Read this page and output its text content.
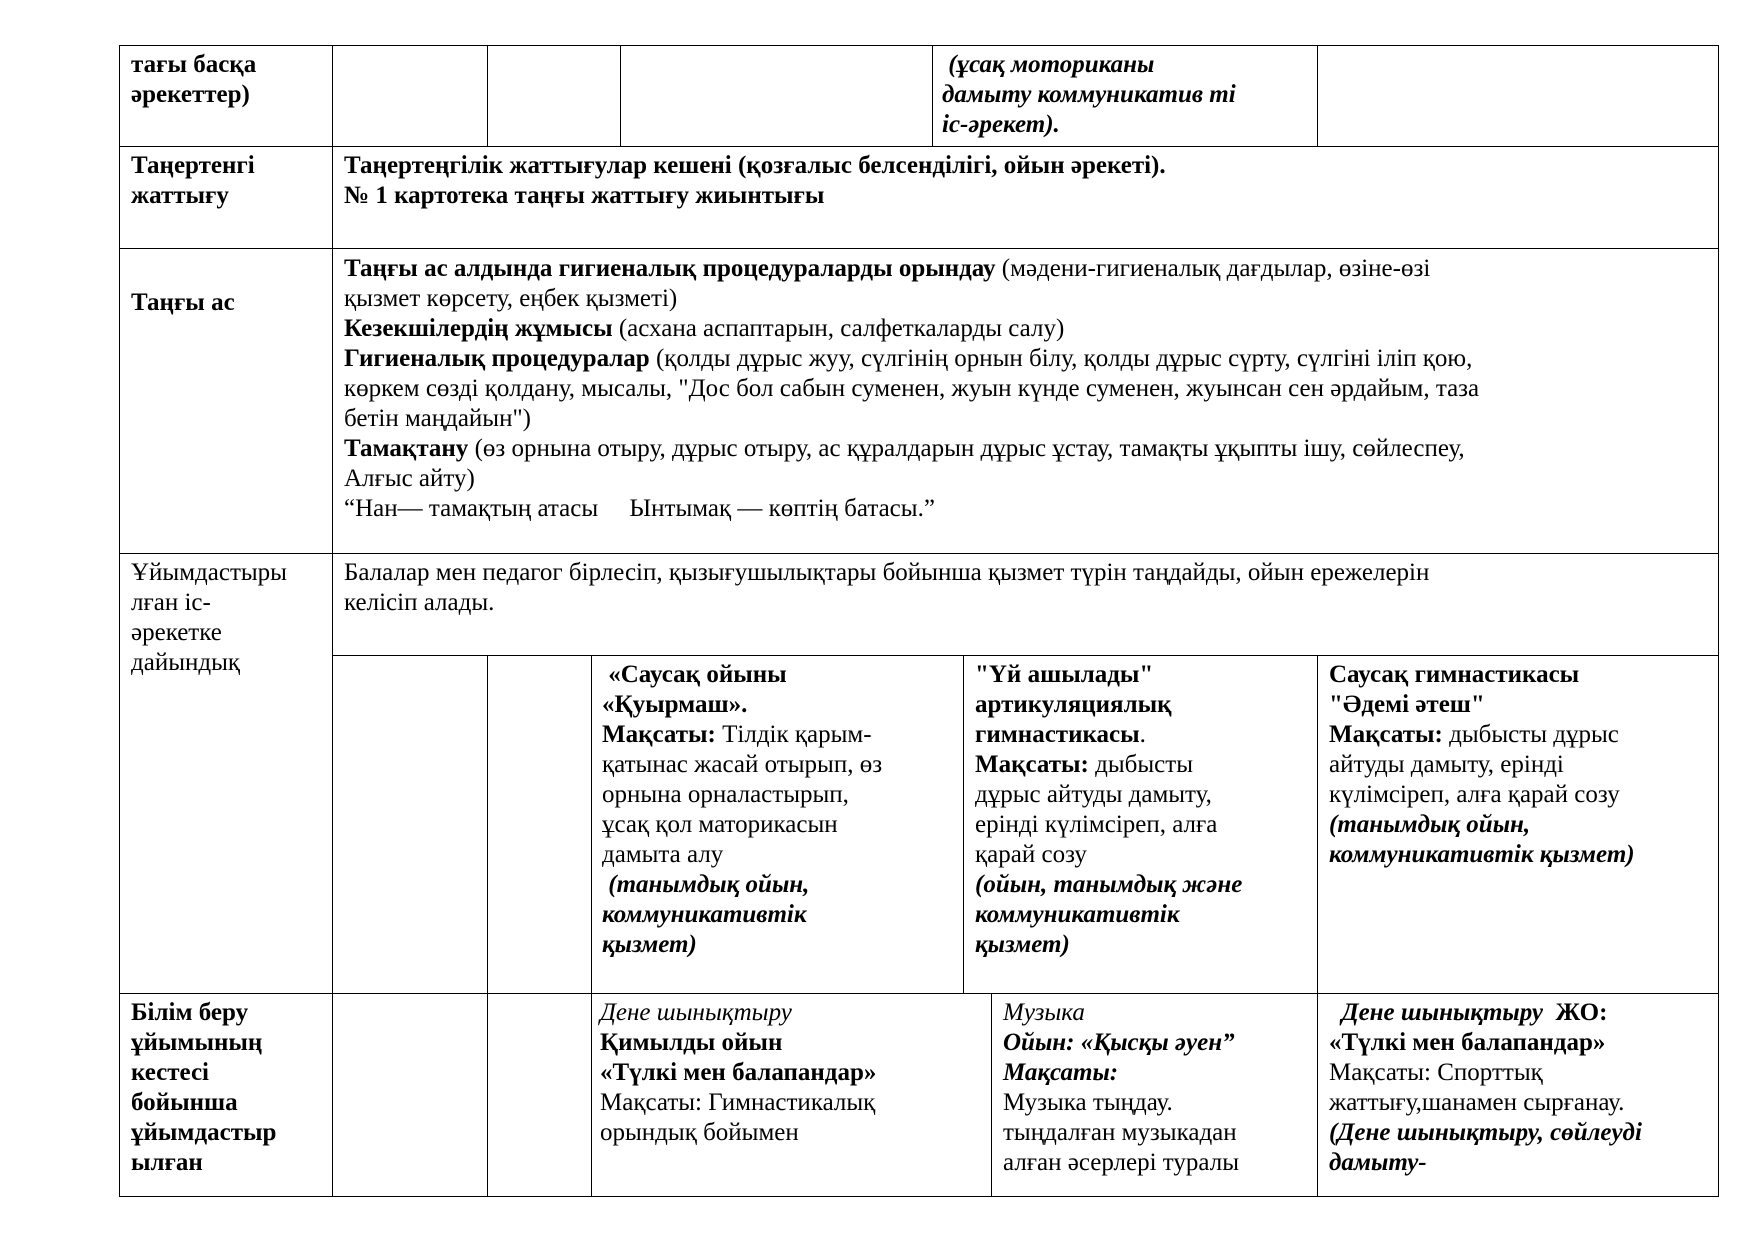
тағы басқа
әрекеттер)
(ұсақ моториканы
дамыту коммуникатив ті
іс-әрекет).
Таңертенгі
жаттығу
Таңертеңгілік жаттығулар кешені (қозғалыс белсенділігі, ойын әрекеті).
№ 1 картотека таңғы жаттығу жиынтығы
Таңғы ас
Таңғы ас алдында гигиеналық процедураларды орындау (мәдени-гигиеналық дағдылар, өзіне-өзі
қызмет көрсету, еңбек қызметі)
Кезекшілердің жұмысы (асхана аспаптарын, салфеткаларды салу)
Гигиеналық процедуралар (қолды дұрыс жуу, сүлгінің орнын білу, қолды дұрыс сүрту, сүлгіні іліп қою,
көркем сөзді қолдану, мысалы, "Дос бол сабын суменен, жуын күнде суменен, жуынсан сен әрдайым, таза
бетін маңдайын")
Тамақтану (өз орнына отыру, дұрыс отыру, ас құралдарын дұрыс ұстау, тамақты ұқыпты ішу, сөйлеспеу,
Алғыс айту)
“Нан— тамақтың атасы     Ынтымақ — көптің батасы.”
Ұйымдастыры
лған іс-
әрекетке
дайындық
Балалар мен педагог бірлесіп, қызығушылықтары бойынша қызмет түрін таңдайды, ойын ережелерін
келісіп алады.
«Саусақ ойыны
«Қуырмаш».
Мақсаты: Тілдік қарым-
қатынас жасай отырып, өз
орнына орналастырып,
ұсақ қол маторикасын
дамыта алу
(танымдық ойын,
коммуникативтік
қызмет)
"Үй ашылады"
артикуляциялық
гимнастикасы.
Мақсаты: дыбысты
дұрыс айтуды дамыту,
ерінді күлімсіреп, алға
қарай созу
(ойын, танымдық және
коммуникативтік
қызмет)
Саусақ гимнастикасы
"Әдемі әтеш"
Мақсаты: дыбысты дұрыс
айтуды дамыту, ерінді
күлімсіреп, алға қарай созу
(танымдық ойын,
коммуникативтік қызмет)
Білім беру
ұйымының
кестесі
бойынша
ұйымдастыр
ылған
Дене шынықтыру
Қимылды ойын
«Түлкі мен балапандар»
Мақсаты: Гимнастикалық
орындық бойымен
Музыка
Ойын: «Қысқы әуен”
Мақсаты:
Музыка тыңдау.
тыңдалған музыкадан
алған әсерлері туралы
Дене шынықтыру  ЖО:
«Түлкі мен балапандар»
Мақсаты: Спорттық
жаттығу,шанамен сырғанау.
(Дене шынықтыру, сөйлеуді
дамыту-
